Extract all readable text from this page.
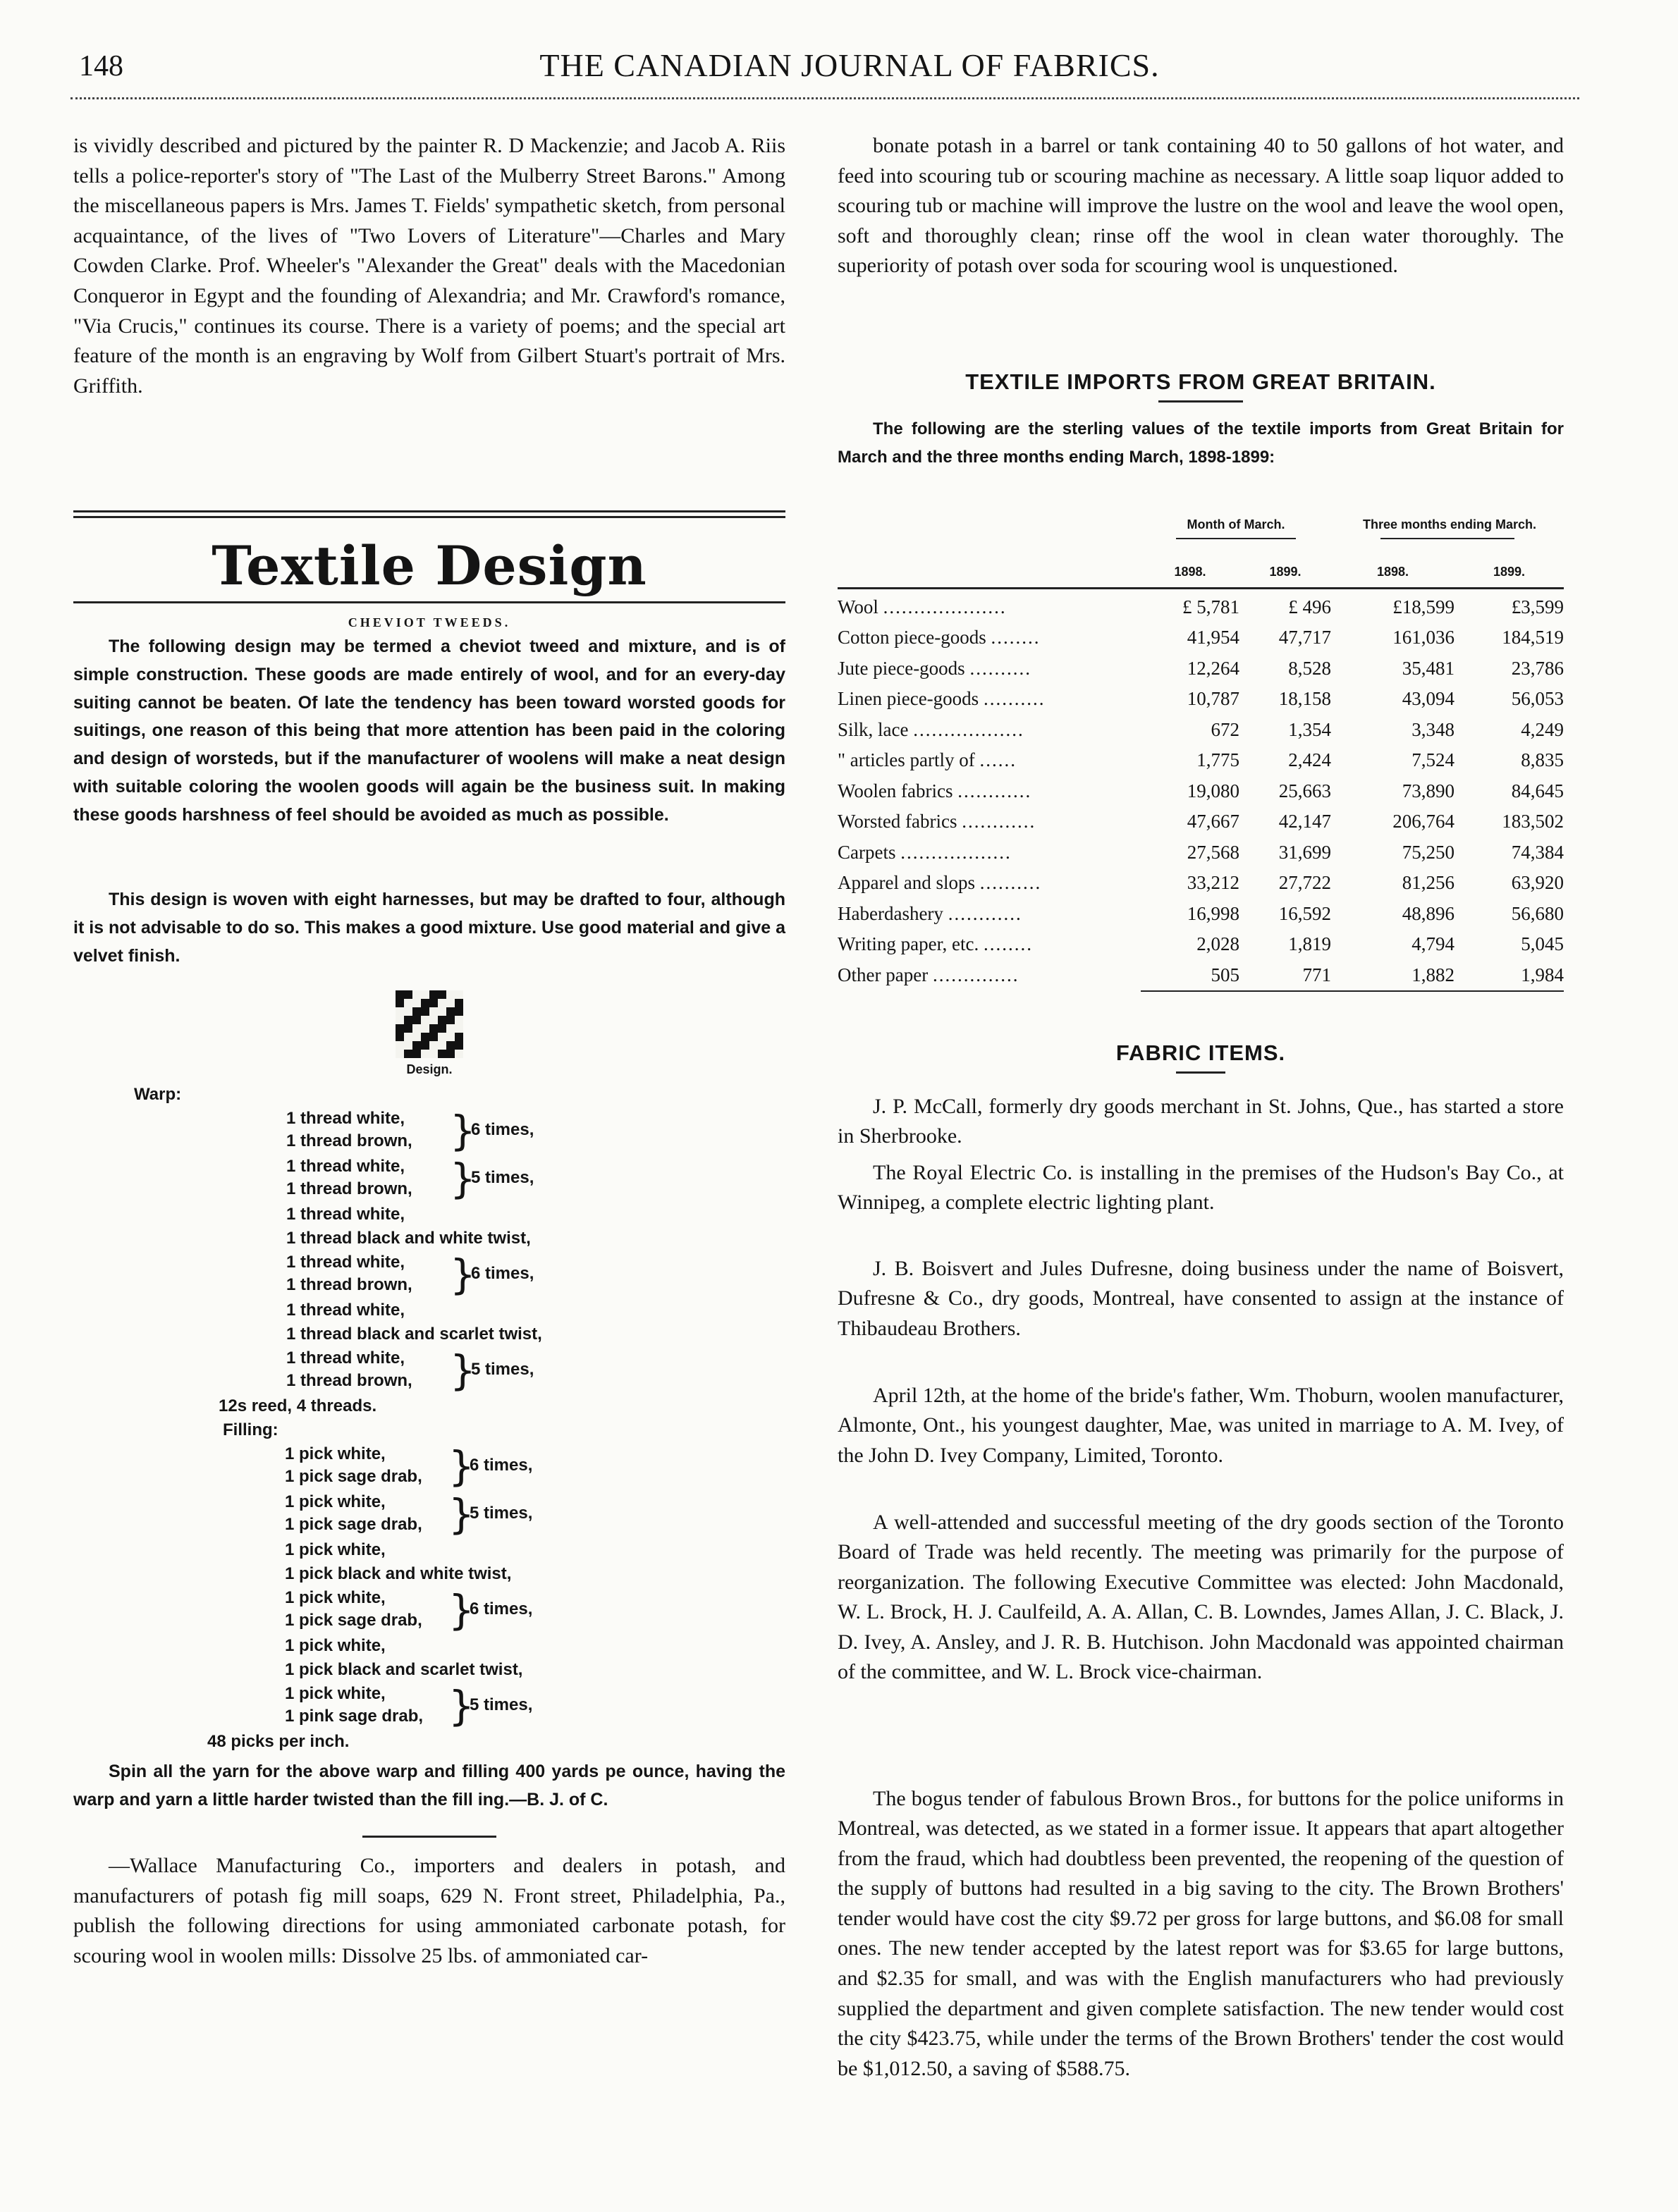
148	THE CANADIAN JOURNAL OF FABRICS.

is vividly described and pictured by the painter R. D Mackenzie; and Jacob A. Riis tells a police-reporter's story of "The Last of the Mulberry Street Barons." Among the miscellaneous papers is Mrs. James T. Fields' sympathetic sketch, from personal acquaintance, of the lives of "Two Lovers of Literature"—Charles and Mary Cowden Clarke. Prof. Wheeler's "Alexander the Great" deals with the Macedonian Conqueror in Egypt and the founding of Alexandria; and Mr. Crawford's romance, "Via Crucis," continues its course. There is a variety of poems; and the special art feature of the month is an engraving by Wolf from Gilbert Stuart's portrait of Mrs. Griffith.

Textile Design
CHEVIOT TWEEDS.

The following design may be termed a cheviot tweed and mixture, and is of simple construction. These goods are made entirely of wool, and for an every-day suiting cannot be beaten. Of late the tendency has been toward worsted goods for suitings, one reason of this being that more attention has been paid in the coloring and design of worsteds, but if the manufacturer of woolens will make a neat design with suitable coloring the woolen goods will again be the business suit. In making these goods harshness of feel should be avoided as much as possible.

This design is woven with eight harnesses, but may be drafted to four, although it is not advisable to do so. This makes a good mixture. Use good material and give a velvet finish.

Design.
Warp:
1 thread white,
1 thread brown, }
6 times,
1 thread white,
1 thread brown, }
5 times,
1 thread white,
1 thread black and white twist,
1 thread white,
1 thread brown, }
6 times,
1 thread white,
1 thread black and scarlet twist,
1 thread white,
1 thread brown, }
5 times,
12s reed, 4 threads.
Filling:
1 pick white,
1 pick sage drab, }
6 times,
1 pick white,
1 pick sage drab, }
5 times,
1 pick white,
1 pick black and white twist,
1 pick white,
1 pick sage drab, }
6 times,
1 pick white,
1 pick black and scarlet twist,
1 pick white,
1 pink sage drab, }
5 times,
48 picks per inch.

Spin all the yarn for the above warp and filling 400 yards pe ounce, having the warp and yarn a little harder twisted than the fill ing.—B. J. of C.

—Wallace Manufacturing Co., importers and dealers in potash, and manufacturers of potash fig mill soaps, 629 N. Front street, Philadelphia, Pa., publish the following directions for using ammoniated carbonate potash, for scouring wool in woolen mills: Dissolve 25 lbs. of ammoniated car-

bonate potash in a barrel or tank containing 40 to 50 gallons of hot water, and feed into scouring tub or scouring machine as necessary. A little soap liquor added to scouring tub or machine will improve the lustre on the wool and leave the wool open, soft and thoroughly clean; rinse off the wool in clean water thoroughly. The superiority of potash over soda for scouring wool is unquestioned.

TEXTILE IMPORTS FROM GREAT BRITAIN.

The following are the sterling values of the textile imports from Great Britain for March and the three months ending March, 1898-1899:

	Month of March.		Three months ending March.	

	1898.	1899.	1898.	1899.

Wool ....................	£ 5,781	£ 496	£18,599	£3,599
Cotton piece-goods ........	41,954	47,717	161,036	184,519
Jute piece-goods ..........	12,264	8,528	35,481	23,786
Linen piece-goods ..........	10,787	18,158	43,094	56,053
Silk, lace ..................	672	1,354	3,348	4,249
" articles partly of ......	1,775	2,424	7,524	8,835
Woolen fabrics ............	19,080	25,663	73,890	84,645
Worsted fabrics ............	47,667	42,147	206,764	183,502
Carpets ..................	27,568	31,699	75,250	74,384
Apparel and slops ..........	33,212	27,722	81,256	63,920
Haberdashery ............	16,998	16,592	48,896	56,680
Writing paper, etc. ........	2,028	1,819	4,794	5,045
Other paper ..............	505	771	1,882	1,984

FABRIC ITEMS.

J. P. McCall, formerly dry goods merchant in St. Johns, Que., has started a store in Sherbrooke.

The Royal Electric Co. is installing in the premises of the Hudson's Bay Co., at Winnipeg, a complete electric lighting plant.

J. B. Boisvert and Jules Dufresne, doing business under the name of Boisvert, Dufresne & Co., dry goods, Montreal, have consented to assign at the instance of Thibaudeau Brothers.

April 12th, at the home of the bride's father, Wm. Thoburn, woolen manufacturer, Almonte, Ont., his youngest daughter, Mae, was united in marriage to A. M. Ivey, of the John D. Ivey Company, Limited, Toronto.

A well-attended and successful meeting of the dry goods section of the Toronto Board of Trade was held recently. The meeting was primarily for the purpose of reorganization. The following Executive Committee was elected: John Macdonald, W. L. Brock, H. J. Caulfeild, A. A. Allan, C. B. Lowndes, James Allan, J. C. Black, J. D. Ivey, A. Ansley, and J. R. B. Hutchison. John Macdonald was appointed chairman of the committee, and W. L. Brock vice-chairman.

The bogus tender of fabulous Brown Bros., for buttons for the police uniforms in Montreal, was detected, as we stated in a former issue. It appears that apart altogether from the fraud, which had doubtless been prevented, the reopening of the question of the supply of buttons had resulted in a big saving to the city. The Brown Brothers' tender would have cost the city $9.72 per gross for large buttons, and $6.08 for small ones. The new tender accepted by the latest report was for $3.65 for large buttons, and $2.35 for small, and was with the English manufacturers who had previously supplied the department and given complete satisfaction. The new tender would cost the city $423.75, while under the terms of the Brown Brothers' tender the cost would be $1,012.50, a saving of $588.75.
